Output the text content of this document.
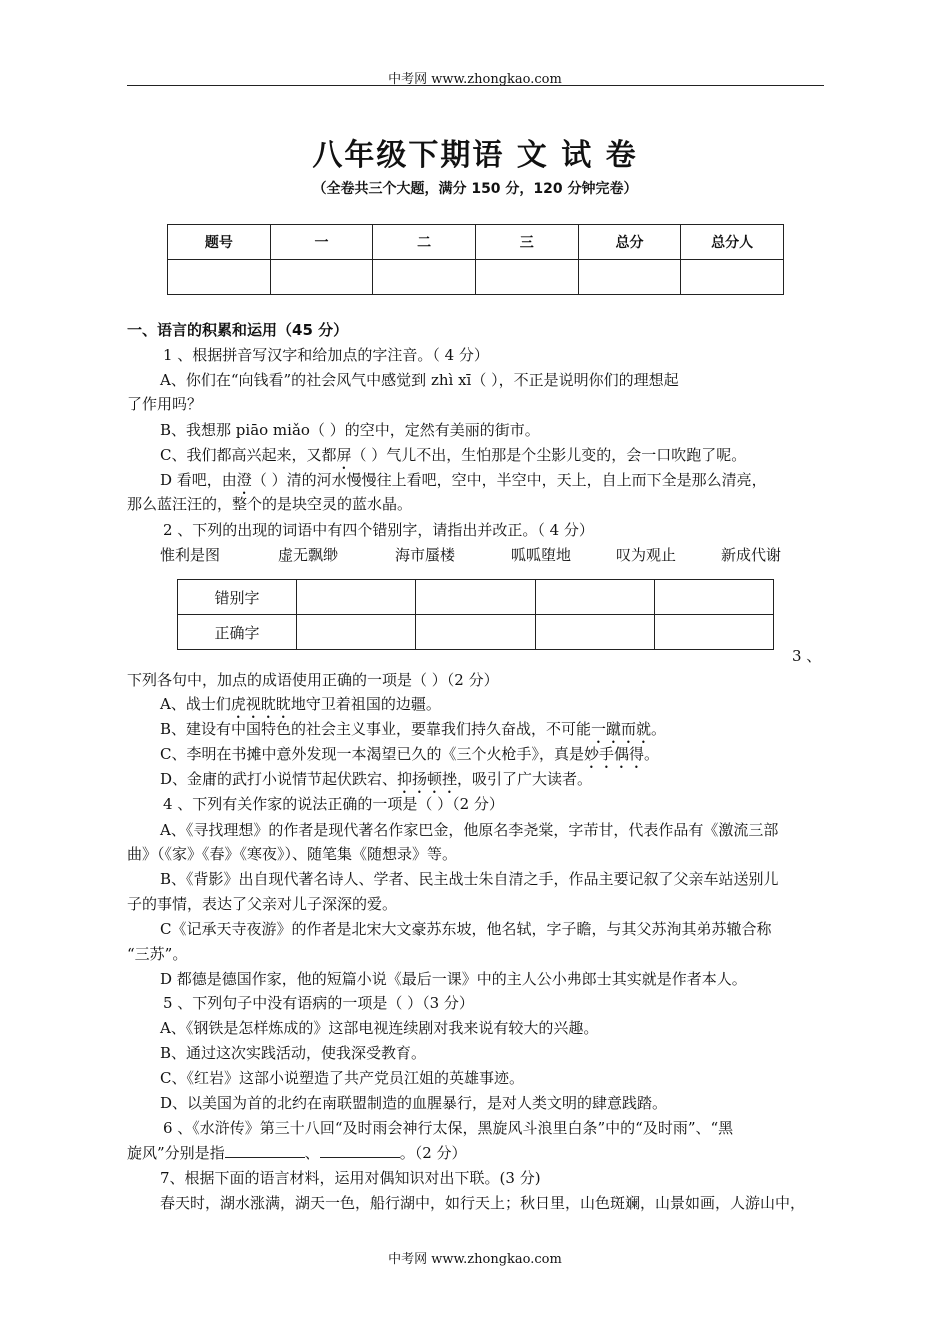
中考网 www.zhongkao.com
八年级下期语 文 试 卷
（全卷共三个大题，满分 150 分，120 分钟完卷）
题号	一	二	三	总分	总分人

一、语言的积累和运用（45 分）
1 、根据拼音写汉字和给加点的字注音。（ 4 分）
A、你们在“向钱看”的社会风气中感觉到 zhì xī（ ），不正是说明你们的理想起
了作用吗？
B、我想那 piāo miǎo（ ）的空中，定然有美丽的街市。
C、我们都高兴起来，又都屏（ ）气儿不出，生怕那是个尘影儿变的，会一口吹跑了呢。
D 看吧，由澄（ ）清的河水慢慢往上看吧，空中，半空中，天上，自上而下全是那么清亮，
那么蓝汪汪的，整个的是块空灵的蓝水晶。
2 、下列的出现的词语中有四个错别字，请指出并改正。（ 4 分）
惟利是图	虚无飘缈	海市蜃楼	呱呱堕地	叹为观止	新成代谢
错别字				
正确字				
3 、
下列各句中，加点的成语使用正确的一项是（ ）（2 分）
A、战士们虎视眈眈地守卫着祖国的边疆。
B、建设有中国特色的社会主义事业，要靠我们持久奋战，不可能一蹴而就。
C、李明在书摊中意外发现一本渴望已久的《三个火枪手》，真是妙手偶得。
D、金庸的武打小说情节起伏跌宕、抑扬顿挫，吸引了广大读者。
4 、下列有关作家的说法正确的一项是（ ）（2 分）
A、《寻找理想》的作者是现代著名作家巴金，他原名李尧棠，字芾甘，代表作品有《激流三部
曲》（《家》《春》《寒夜》）、随笔集《随想录》等。
B、《背影》出自现代著名诗人、学者、民主战士朱自清之手，作品主要记叙了父亲车站送别儿
子的事情，表达了父亲对儿子深深的爱。
C《记承天寺夜游》的作者是北宋大文豪苏东坡，他名轼，字子瞻，与其父苏洵其弟苏辙合称
“三苏”。
D 都德是德国作家，他的短篇小说《最后一课》中的主人公小弗郎士其实就是作者本人。
5 、下列句子中没有语病的一项是（ ）（3 分）
A、《钢铁是怎样炼成的》这部电视连续剧对我来说有较大的兴趣。
B、通过这次实践活动，使我深受教育。
C、《红岩》这部小说塑造了共产党员江姐的英雄事迹。
D、以美国为首的北约在南联盟制造的血腥暴行，是对人类文明的肆意践踏。
6 、《水浒传》第三十八回“及时雨会神行太保，黑旋风斗浪里白条”中的“及时雨”、“黑
旋风”分别是指	、	。（2 分）
7、根据下面的语言材料，运用对偶知识对出下联。(3 分)
春天时，湖水涨满，湖天一色，船行湖中，如行天上；秋日里，山色斑斓，山景如画，人游山中，
中考网 www.zhongkao.com
